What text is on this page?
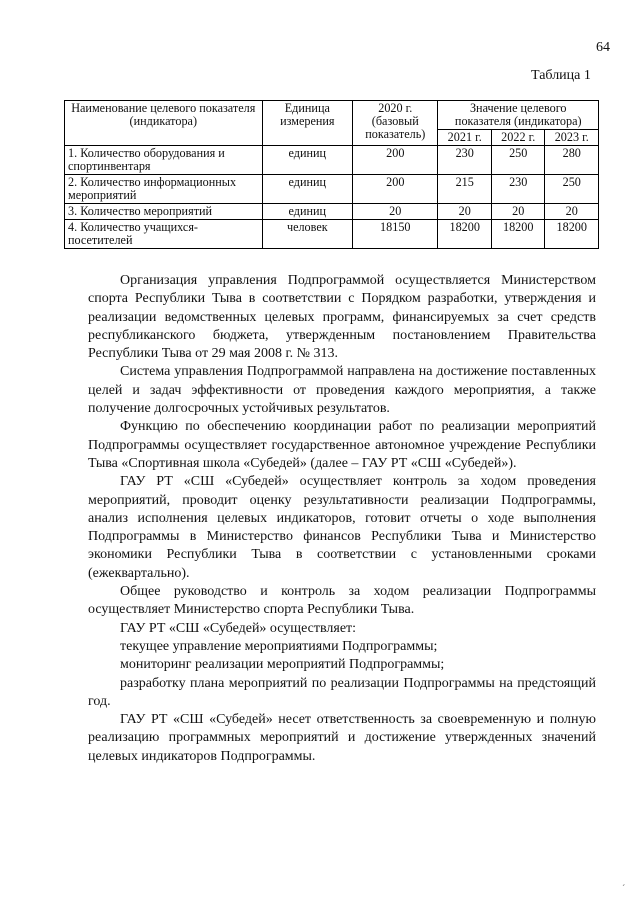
64
Таблица 1
Наименование целевого показателя (индикатора)	Единица измерения	2020 г. (базовый показатель)	Значение целевого показателя (индикатора)		
			2021 г.	2022 г.	2023 г.
1. Количество оборудования и спортинвентаря	единиц	200	230	250	280
2. Количество информационных мероприятий	единиц	200	215	230	250
3. Количество мероприятий	единиц	20	20	20	20
4. Количество учащихся-посетителей	человек	18150	18200	18200	18200

Организация управления Подпрограммой осуществляется Министерством спорта Республики Тыва в соответствии с Порядком разработки, утверждения и реализации ведомственных целевых программ, финансируемых за счет средств республиканского бюджета, утвержденным постановлением Правительства Республики Тыва от 29 мая 2008 г. № 313.

Система управления Подпрограммой направлена на достижение поставленных целей и задач эффективности от проведения каждого мероприятия, а также получение долгосрочных устойчивых результатов.

Функцию по обеспечению координации работ по реализации мероприятий Подпрограммы осуществляет государственное автономное учреждение Республики Тыва «Спортивная школа «Субедей» (далее – ГАУ РТ «СШ «Субедей»).

ГАУ РТ «СШ «Субедей» осуществляет контроль за ходом проведения мероприятий, проводит оценку результативности реализации Подпрограммы, анализ исполнения целевых индикаторов, готовит отчеты о ходе выполнения Подпрограммы в Министерство финансов Республики Тыва и Министерство экономики Республики Тыва в соответствии с установленными сроками (ежеквартально).

Общее руководство и контроль за ходом реализации Подпрограммы осуществляет Министерство спорта Республики Тыва.

ГАУ РТ «СШ «Субедей» осуществляет:

текущее управление мероприятиями Подпрограммы;

мониторинг реализации мероприятий Подпрограммы;

разработку плана мероприятий по реализации Подпрограммы на предстоящий год.

ГАУ РТ «СШ «Субедей» несет ответственность за своевременную и полную реализацию программных мероприятий и достижение утвержденных значений целевых индикаторов Подпрограммы.

´
